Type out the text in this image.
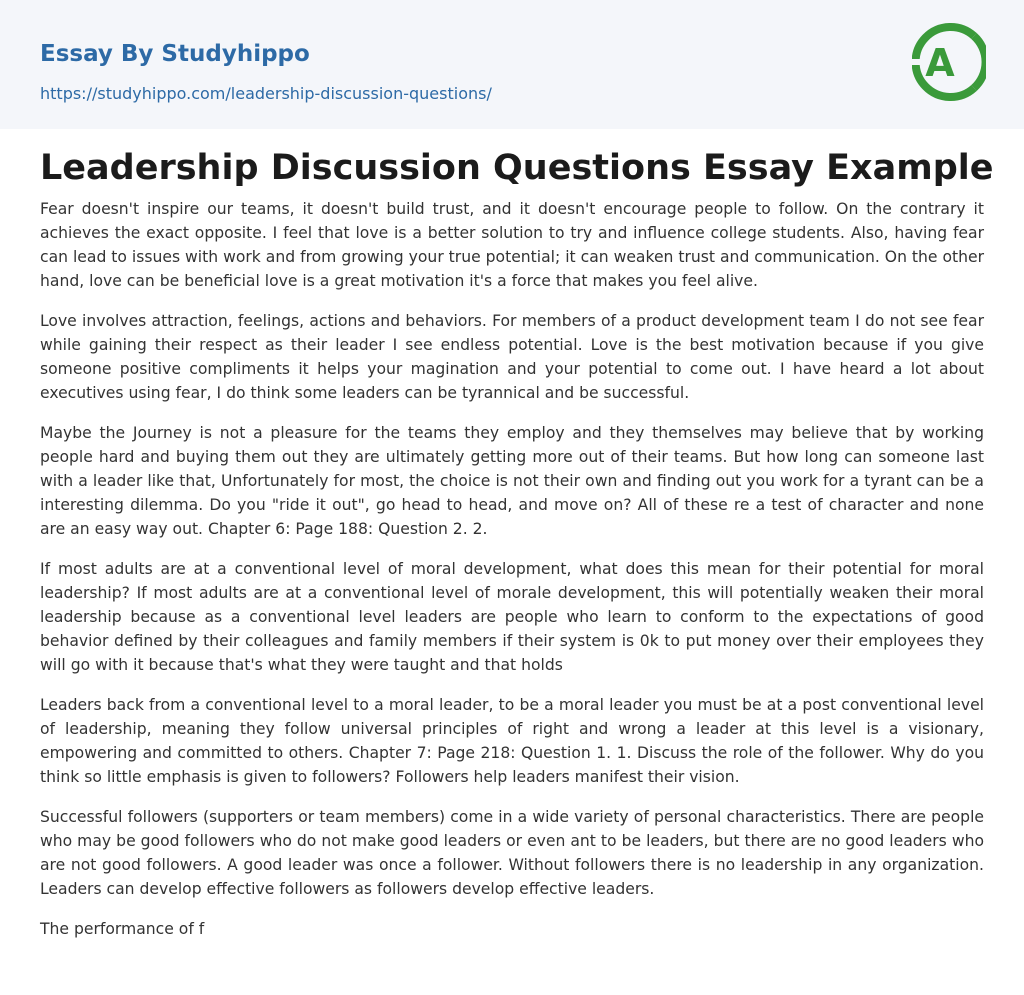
Essay By Studyhippo
https://studyhippo.com/leadership-discussion-questions/
A
Leadership Discussion Questions Essay Example

Fear doesn't inspire our teams, it doesn't build trust, and it doesn't encourage people to follow. On the contrary it achieves the exact opposite. I feel that love is a better solution to try and influence college students. Also, having fear can lead to issues with work and from growing your true potential; it can weaken trust and communication. On the other hand, love can be beneficial love is a great motivation it's a force that makes you feel alive.

Love involves attraction, feelings, actions and behaviors. For members of a product development team I do not see fear while gaining their respect as their leader I see endless potential. Love is the best motivation because if you give someone positive compliments it helps your magination and your potential to come out. I have heard a lot about executives using fear, I do think some leaders can be tyrannical and be successful.

Maybe the Journey is not a pleasure for the teams they employ and they themselves may believe that by working people hard and buying them out they are ultimately getting more out of their teams. But how long can someone last with a leader like that, Unfortunately for most, the choice is not their own and finding out you work for a tyrant can be a interesting dilemma. Do you "ride it out", go head to head, and move on? All of these re a test of character and none are an easy way out. Chapter 6: Page 188: Question 2. 2.

If most adults are at a conventional level of moral development, what does this mean for their potential for moral leadership? If most adults are at a conventional level of morale development, this will potentially weaken their moral leadership because as a conventional level leaders are people who learn to conform to the expectations of good behavior defined by their colleagues and family members if their system is 0k to put money over their employees they will go with it because that's what they were taught and that holds

Leaders back from a conventional level to a moral leader, to be a moral leader you must be at a post conventional level of leadership, meaning they follow universal principles of right and wrong a leader at this level is a visionary, empowering and committed to others. Chapter 7: Page 218: Question 1. 1. Discuss the role of the follower. Why do you think so little emphasis is given to followers? Followers help leaders manifest their vision.

Successful followers (supporters or team members) come in a wide variety of personal characteristics. There are people who may be good followers who do not make good leaders or even ant to be leaders, but there are no good leaders who are not good followers. A good leader was once a follower. Without followers there is no leadership in any organization. Leaders can develop effective followers as followers develop effective leaders.

The performance of f
